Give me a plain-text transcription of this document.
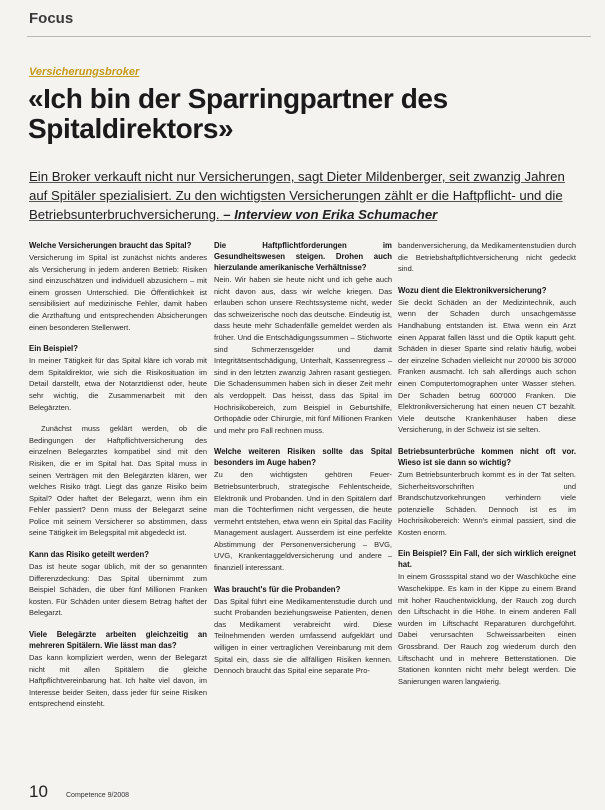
Focus
Versicherungsbroker
«Ich bin der Sparringpartner des Spitaldirektors»
Ein Broker verkauft nicht nur Versicherungen, sagt Dieter Mildenberger, seit zwanzig Jahren auf Spitäler spezialisiert. Zu den wichtigsten Versicherungen zählt er die Haftpflicht- und die Betriebsunterbruchversicherung. – Interview von Erika Schumacher
Welche Versicherungen braucht das Spital?

Versicherung im Spital ist zunächst nichts anderes als Versicherung in jedem anderen Betrieb: Risiken sind einzuschätzen und individuell abzusichern – mit einem grossen Unterschied. Die Öffentlichkeit ist sensibilisiert auf medizinische Fehler, damit haben die Arzthaftung und entsprechenden Absicherungen einen besonderen Stellenwert.

Ein Beispiel?

In meiner Tätigkeit für das Spital kläre ich vorab mit dem Spitaldirektor, wie sich die Risikosituation im Detail darstellt, etwa der Notarztdienst oder, heute sehr wichtig, die Zusammenarbeit mit den Belegärzten.

Zunächst muss geklärt werden, ob die Bedingungen der Haftpflichtversicherung des einzelnen Belegarztes kompatibel sind mit den Risiken, die er im Spital hat. Das Spital muss in seinen Verträgen mit den Belegärzten klären, wer welches Risiko trägt. Liegt das ganze Risiko beim Spital? Oder haftet der Belegarzt, wenn ihm ein Fehler passiert? Denn muss der Belegarzt seine Police mit seinem Versicherer so abstimmen, dass seine Tätigkeit im Belegspital mit abgedeckt ist.

Kann das Risiko geteilt werden?

Das ist heute sogar üblich, mit der so genannten Differenzdeckung: Das Spital übernimmt zum Beispiel Schäden, die über fünf Millionen Franken kosten. Für Schäden unter diesem Betrag haftet der Belegarzt.

Viele Belegärzte arbeiten gleichzeitig an mehreren Spitälern. Wie lässt man das?

Das kann kompliziert werden, wenn der Belegarzt nicht mit allen Spitälern die gleiche Haftpflichtvereinbarung hat. Ich halte viel davon, im Interesse beider Seiten, dass jeder für seine Risiken entsprechend einsteht.

Die Haftpflichtforderungen im Gesundheitswesen steigen. Drohen auch hierzulande amerikanische Verhältnisse?

Nein. Wir haben sie heute nicht und ich gehe auch nicht davon aus, dass wir welche kriegen. Das erlauben schon unsere Rechtssysteme nicht, weder das schweizerische noch das deutsche. Eindeutig ist, dass heute mehr Schadenfälle gemeldet werden als früher. Und die Entschädigungssummen – Stichworte sind Schmerzensgelder und damit Integritätsentschädigung, Unterhalt, Kassenregress – sind in den letzten zwanzig Jahren rasant gestiegen. Die Schadensummen haben sich in dieser Zeit mehr als verdoppelt. Das heisst, dass das Spital im Hochrisikobereich, zum Beispiel in Geburtshilfe, Orthopädie oder Chirurgie, mit fünf Millionen Franken und mehr pro Fall rechnen muss.

Welche weiteren Risiken sollte das Spital besonders im Auge haben?

Zu den wichtigsten gehören Feuer-Betriebsunterbruch, strategische Fehlentscheide, Elektronik und Probanden. Und in den Spitälern darf man die Töchterfirmen nicht vergessen, die heute vermehrt entstehen, etwa wenn ein Spital das Facility Management auslagert. Ausserdem ist eine perfekte Abstimmung der Personenversicherung – BVG, UVG, Krankentaggeldversicherung und andere – finanziell interessant.

Was braucht's für die Probanden?

Das Spital führt eine Medikamentenstudie durch und sucht Probanden beziehungsweise Patienten, denen das Medikament verabreicht wird. Diese Teilnehmenden werden umfassend aufgeklärt und willigen in einer vertraglichen Vereinbarung mit dem Spital ein, dass sie die allfälligen Risiken kennen. Dennoch braucht das Spital eine separate Pro-

bandenversicherung, da Medikamentenstudien durch die Betriebshaftpflichtversicherung nicht gedeckt sind.

Wozu dient die Elektronikversicherung?

Sie deckt Schäden an der Medizintechnik, auch wenn der Schaden durch unsachgemässe Handhabung entstanden ist. Etwa wenn ein Arzt einen Apparat fallen lässt und die Optik kaputt geht. Schäden in dieser Sparte sind relativ häufig, wobei der einzelne Schaden vielleicht nur 20'000 bis 30'000 Franken ausmacht. Ich sah allerdings auch schon einen Computertomographen unter Wasser stehen. Der Schaden betrug 600'000 Franken. Die Elektronikversicherung hat einen neuen CT bezahlt. Viele deutsche Krankenhäuser haben diese Versicherung, in der Schweiz ist sie selten.

Betriebsunterbrüche kommen nicht oft vor. Wieso ist sie dann so wichtig?

Zum Betriebsunterbruch kommt es in der Tat selten. Sicherheitsvorschriften und Brandschutzvorkehrungen verhindern viele potenzielle Schäden. Dennoch ist es im Hochrisikobereich: Wenn's einmal passiert, sind die Kosten enorm.

Ein Beispiel? Ein Fall, der sich wirklich ereignet hat.

In einem Grossspital stand wo der Waschküche eine Waschekippe. Es kam in der Kippe zu einem Brand mit hoher Rauchentwicklung, der Rauch zog durch den Liftschacht in die Höhe. In einem anderen Fall wurden im Liftschacht Reparaturen durchgeführt. Dabei verursachten Schweissarbeiten einen Grossbrand. Der Rauch zog wiederum durch den Liftschacht und in mehrere Bettenstationen. Die Stationen konnten nicht mehr belegt werden. Die Sanierungen waren langwierig.

10	Competence 9/2008
